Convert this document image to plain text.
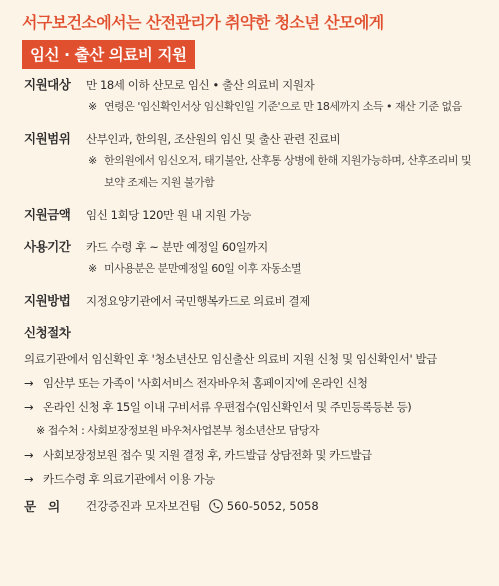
서구보건소에서는 산전관리가 취약한 청소년 산모에게
임신 · 출산 의료비 지원
지원대상	만 18세 이하 산모로 임신 • 출산 의료비 지원자
※ 연령은 '임신확인서상 임신확인일 기준'으로 만 18세까지 소득 • 재산 기준 없음
지원범위	산부인과, 한의원, 조산원의 임신 및 출산 관련 진료비
※ 한의원에서 임신오저, 태기불안, 산후통 상병에 한해 지원가능하며, 산후조리비 및 보약 조제는 지원 불가함
지원금액	임신 1회당 120만 원 내 지원 가능
사용기간	카드 수령 후 ~ 분만 예정일 60일까지
※ 미사용분은 분만예정일 60일 이후 자동소멸
지원방법	지정요양기관에서 국민행복카드로 의료비 결제
신청절차
의료기관에서 임신확인 후 '청소년산모 임신출산 의료비 지원 신청 및 임신확인서' 발급
→ 임산부 또는 가족이 '사회서비스 전자바우처 홈페이지'에 온라인 신청
→ 온라인 신청 후 15일 이내 구비서류 우편접수(임신확인서 및 주민등록등본 등)
※ 접수처 : 사회보장정보원 바우처사업본부 청소년산모 담당자
→ 사회보장정보원 접수 및 지원 결정 후, 카드발급 상담전화 및 카드발급
→ 카드수령 후 의료기관에서 이용 가능
문의	건강증진과 모자보건팀 560-5052, 5058
